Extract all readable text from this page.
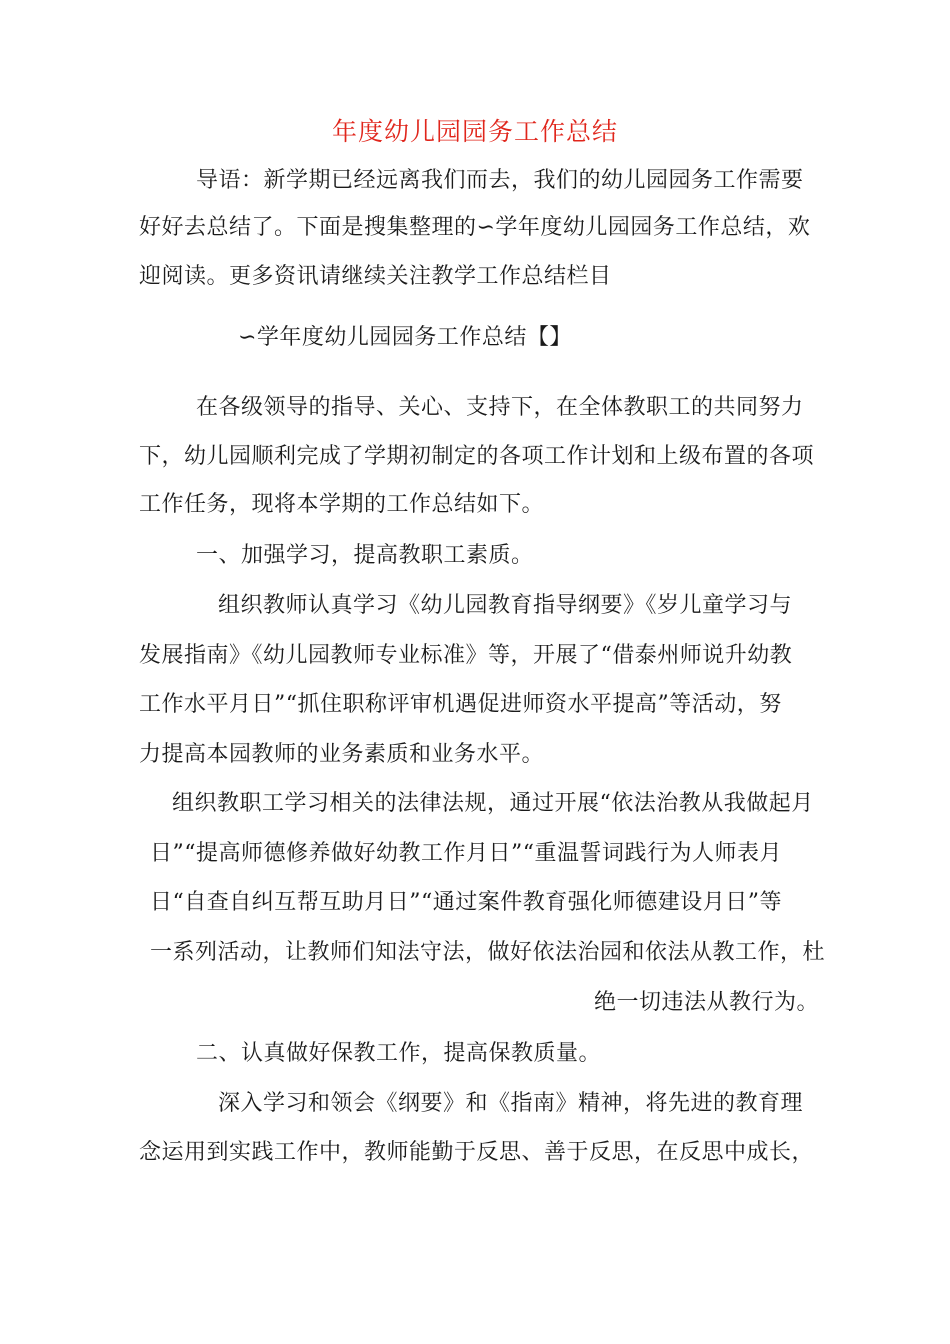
年度幼儿园园务工作总结
导语：新学期已经远离我们而去，我们的幼儿园园务工作需要
好好去总结了。下面是搜集整理的∽学年度幼儿园园务工作总结，欢
迎阅读。更多资讯请继续关注教学工作总结栏目
∽学年度幼儿园园务工作总结【】
在各级领导的指导、关心、支持下，在全体教职工的共同努力
下，幼儿园顺利完成了学期初制定的各项工作计划和上级布置的各项
工作任务，现将本学期的工作总结如下。
一、加强学习，提高教职工素质。
组织教师认真学习《幼儿园教育指导纲要》《岁儿童学习与
发展指南》《幼儿园教师专业标准》等，开展了“借泰州师说升幼教
工作水平月日”“抓住职称评审机遇促进师资水平提高”等活动，努
力提高本园教师的业务素质和业务水平。
组织教职工学习相关的法律法规，通过开展“依法治教从我做起月
日”“提高师德修养做好幼教工作月日”“重温誓词践行为人师表月
日“自查自纠互帮互助月日”“通过案件教育强化师德建设月日”等
一系列活动，让教师们知法守法，做好依法治园和依法从教工作，杜
绝一切违法从教行为。
二、认真做好保教工作，提高保教质量。
深入学习和领会《纲要》和《指南》精神，将先进的教育理
念运用到实践工作中，教师能勤于反思、善于反思，在反思中成长，
